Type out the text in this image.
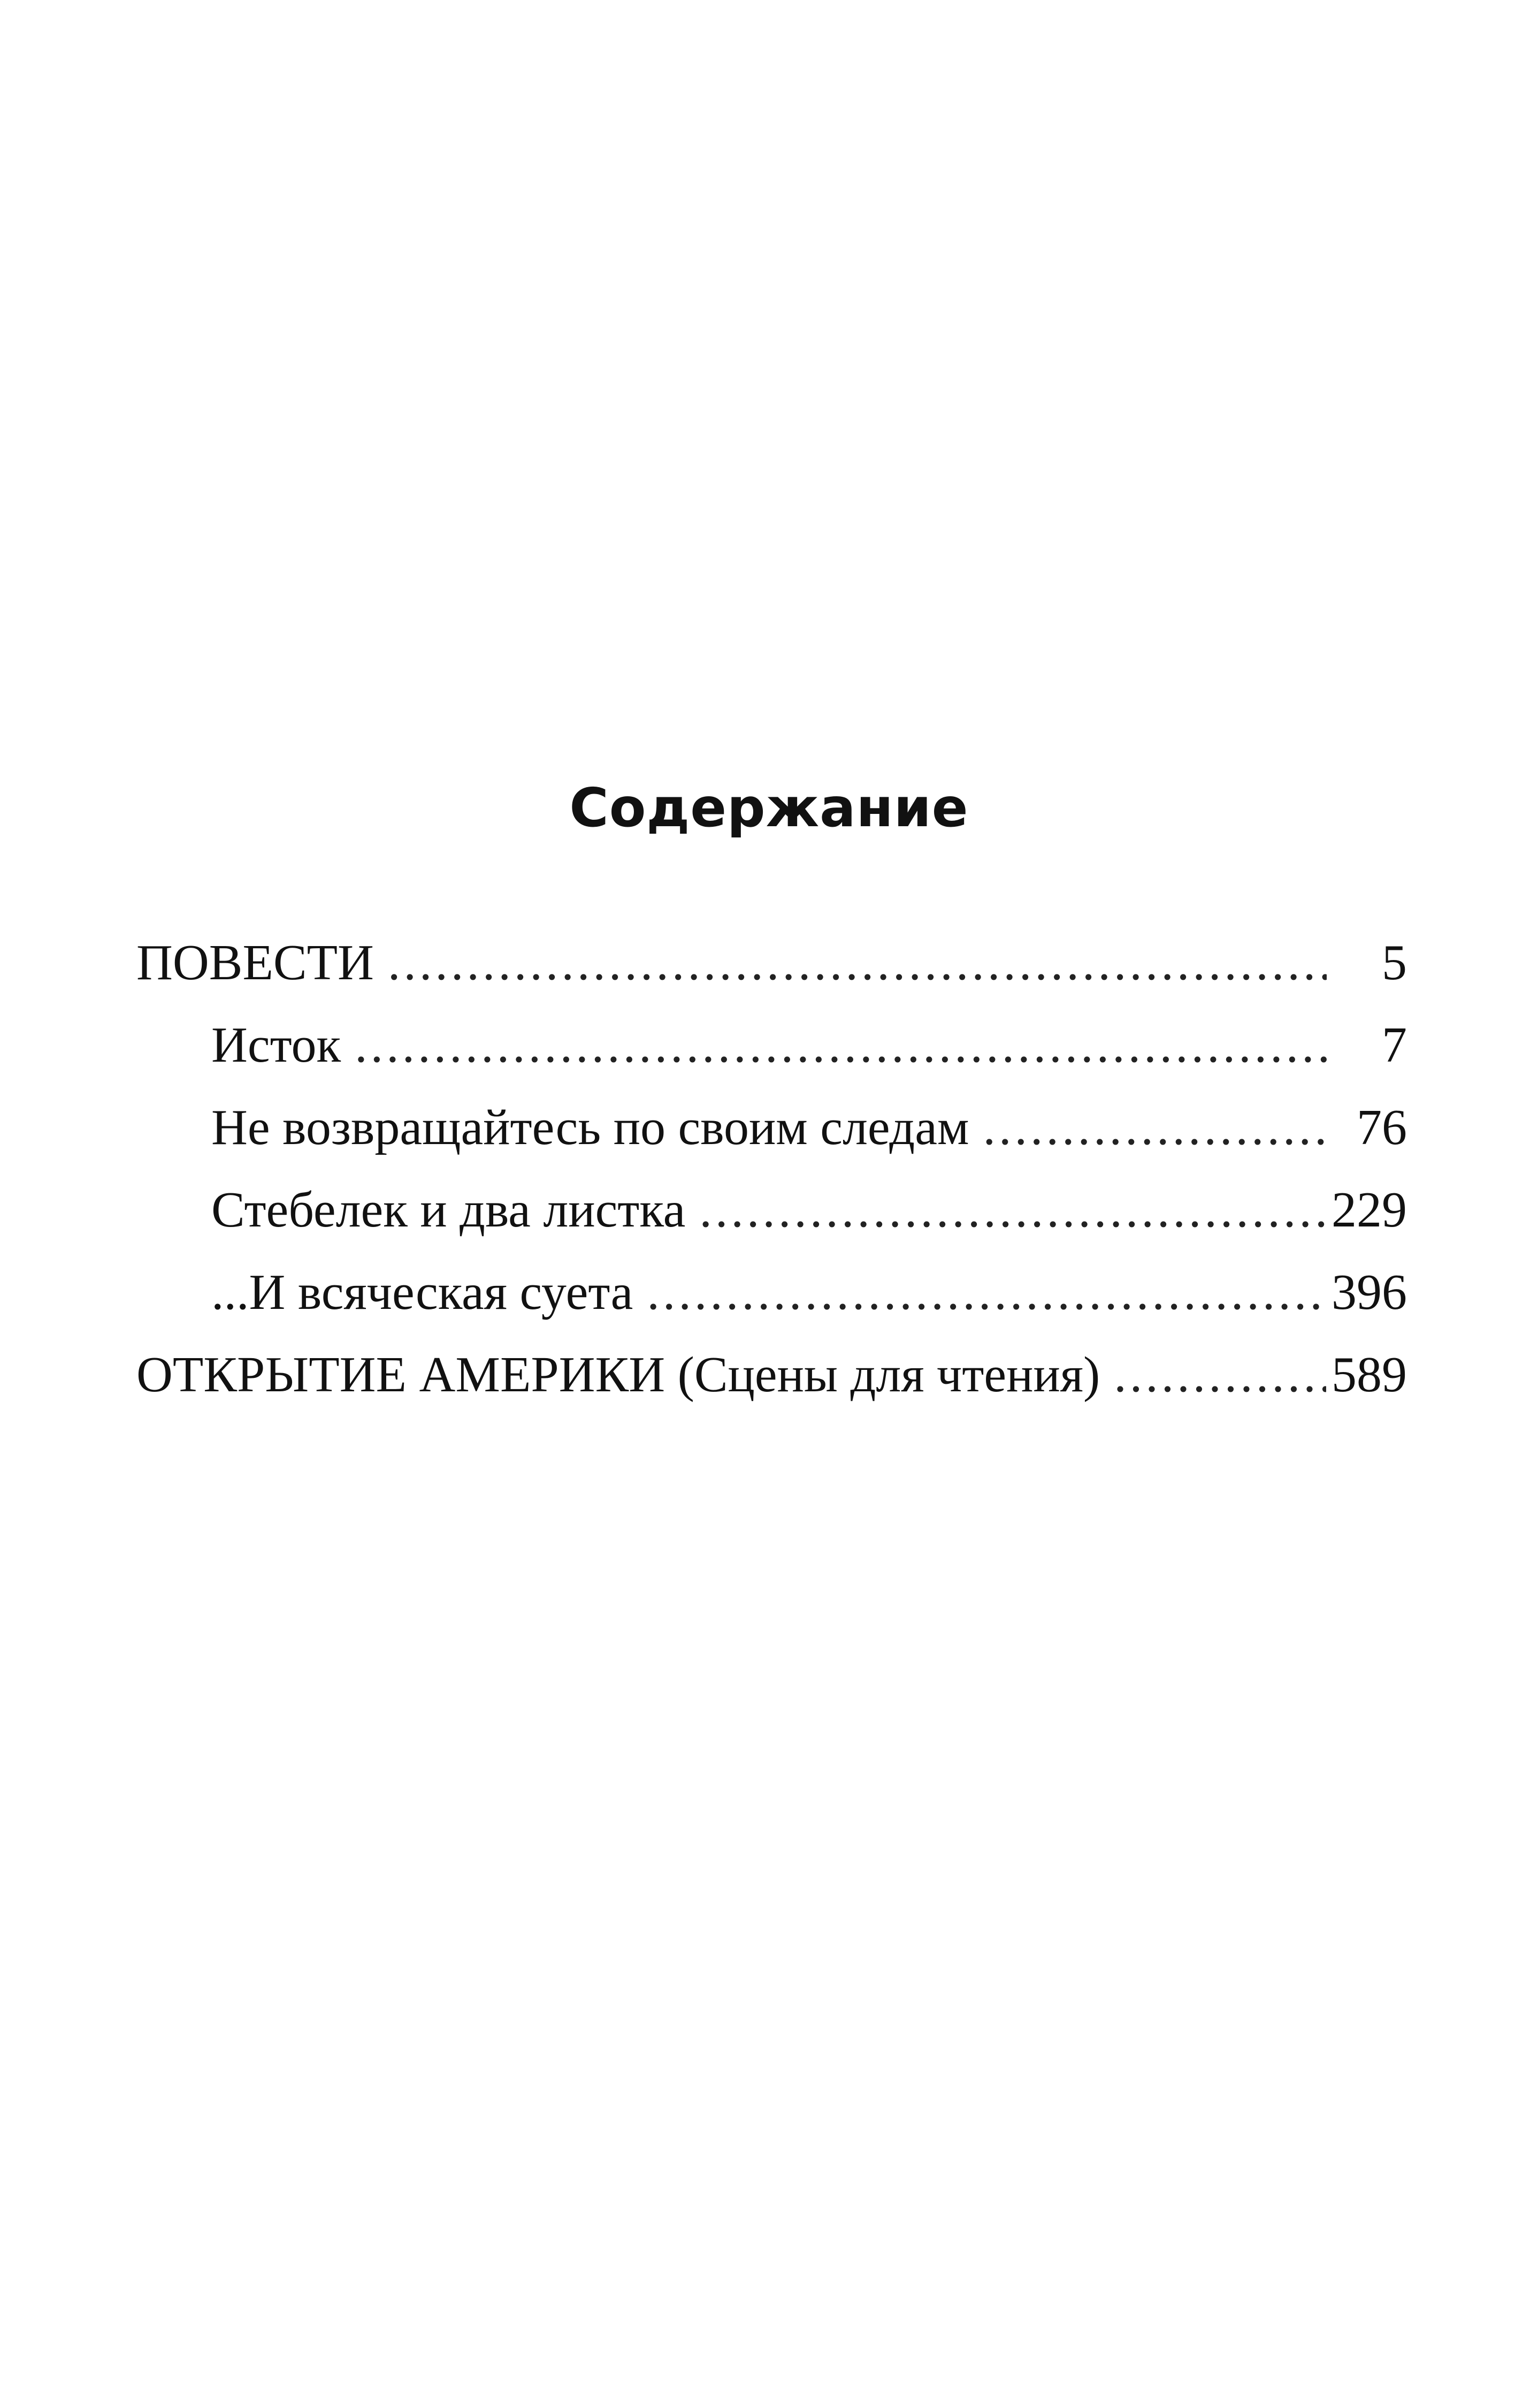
Содержание
ПОВЕСТИ .....	5
Исток .....	7
Не возвращайтесь по своим следам .....	76
Стебелек и два листка .....	229
...И всяческая суета .....	396
ОТКРЫТИЕ АМЕРИКИ (Сцены для чтения) .....	589
